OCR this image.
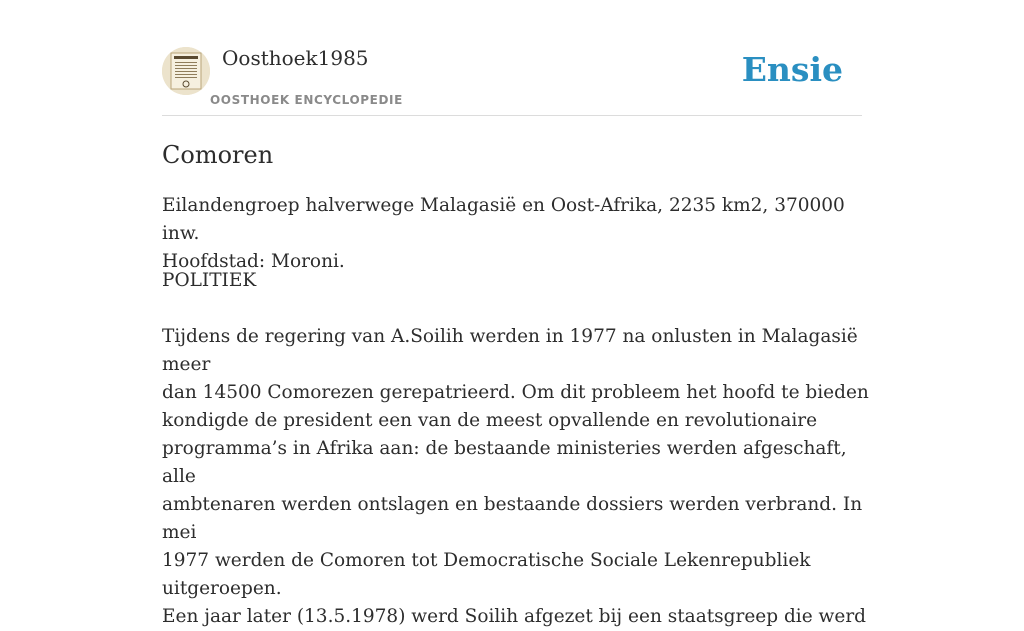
Oosthoek1985
OOSTHOEK ENCYCLOPEDIE
Ensie
Comoren

Eilandengroep halverwege Malagasië en Oost-Afrika, 2235 km2, 370000 inw.
Hoofdstad: Moroni.

POLITIEK

Tijdens de regering van A.Soilih werden in 1977 na onlusten in Malagasië meer
dan 14500 Comorezen gerepatrieerd. Om dit probleem het hoofd te bieden
kondigde de president een van de meest opvallende en revolutionaire
programma’s in Afrika aan: de bestaande ministeries werden afgeschaft, alle
ambtenaren werden ontslagen en bestaande dossiers werden verbrand. In mei
1977 werden de Comoren tot Democratische Sociale Lekenrepubliek uitgeroepen.
Een jaar later (13.5.1978) werd Soilih afgezet bij een staatsgreep die werd
